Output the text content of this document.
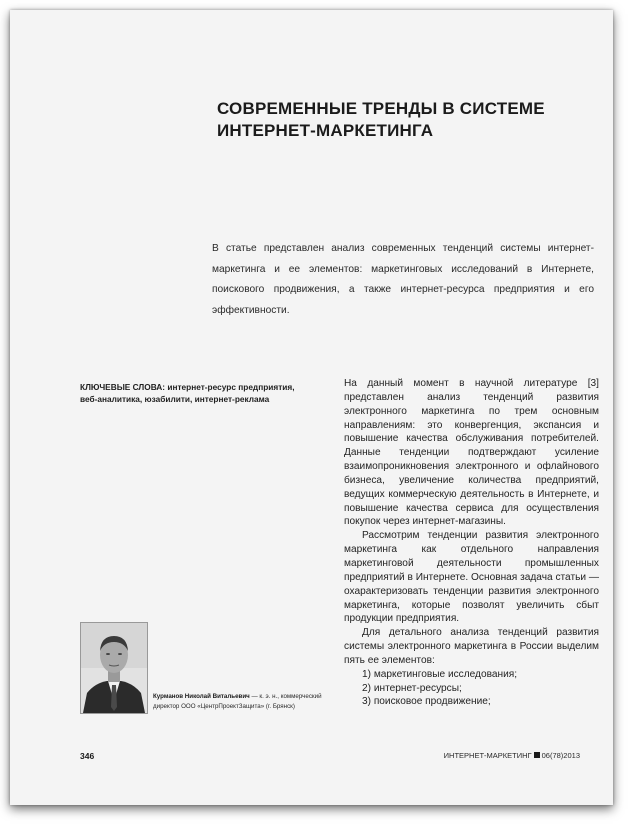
СОВРЕМЕННЫЕ ТРЕНДЫ В СИСТЕМЕ
ИНТЕРНЕТ-МАРКЕТИНГА
В статье представлен анализ современных тенденций системы интернет-маркетинга и ее элементов: маркетинговых исследований в Интернете, поискового продвижения, а также интернет-ресурса предприятия и его эффективности.
КЛЮЧЕВЫЕ СЛОВА: интернет-ресурс предприятия, веб-аналитика, юзабилити, интернет-реклама

На данный момент в научной литературе [3] представлен анализ тенденций развития электронного маркетинга по трем основным направлениям: это конвергенция, экспансия и повышение качества обслуживания потребителей. Данные тенденции подтверждают усиление взаимопроникновения электронного и офлайнового бизнеса, увеличение количества предприятий, ведущих коммерческую деятельность в Интернете, и повышение качества сервиса для осуществления покупок через интернет-магазины.

Рассмотрим тенденции развития электронного маркетинга как отдельного направления маркетинговой деятельности промышленных предприятий в Интернете. Основная задача статьи — охарактеризовать тенденции развития электронного маркетинга, которые позволят увеличить сбыт продукции предприятия.

Для детального анализа тенденций развития системы электронного маркетинга в России выделим пять ее элементов:

1) маркетинговые исследования;
2) интернет-ресурсы;
3) поисковое продвижение;
Курманов Николай Витальевич — к. э. н., коммерческий директор ООО «ЦентрПроектЗащита» (г. Брянск)
346	ИНТЕРНЕТ-МАРКЕТИНГ 06(78)2013
